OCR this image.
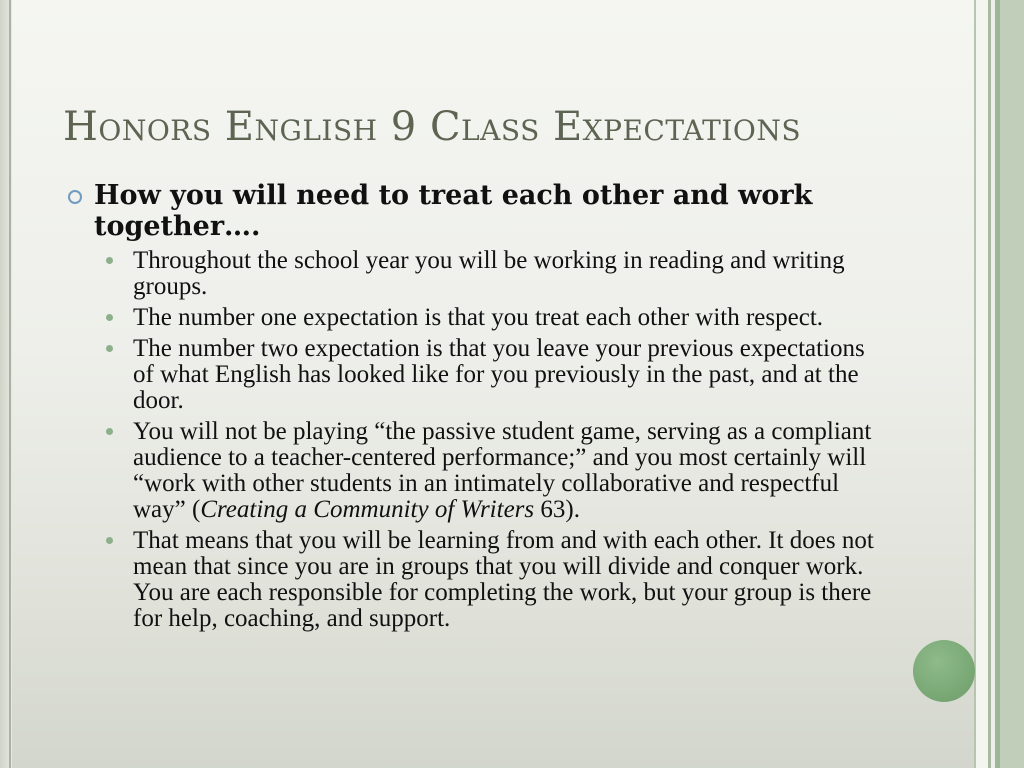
Honors English 9 Class Expectations
How you will need to treat each other and work together….
Throughout the school year you will be working in reading and writing groups.
The number one expectation is that you treat each other with respect.
The number two expectation is that you leave your previous expectations of what English has looked like for you previously in the past, and at the door.
You will not be playing “the passive student game, serving as a compliant audience to a teacher-centered performance;” and you most certainly will “work with other students in an intimately collaborative and respectful way” (Creating a Community of Writers 63).
That means that you will be learning from and with each other. It does not mean that since you are in groups that you will divide and conquer work. You are each responsible for completing the work, but your group is there for help, coaching, and support.
